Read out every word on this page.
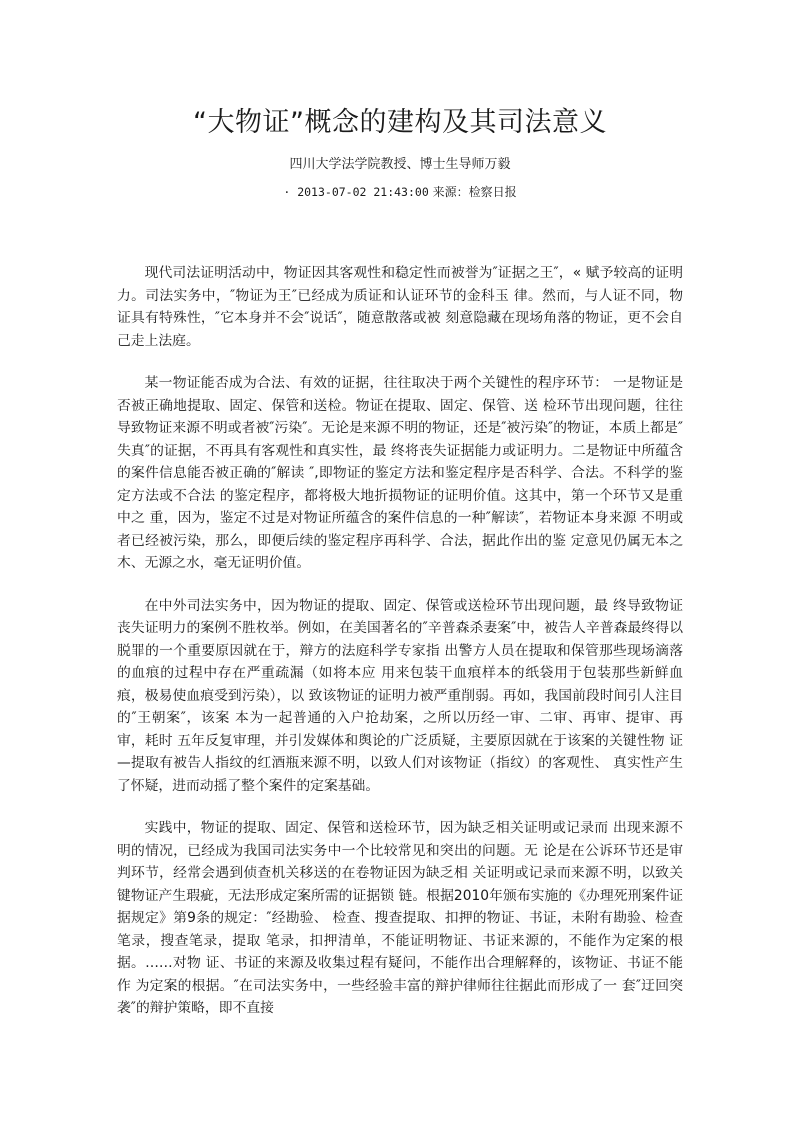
“大物证”概念的建构及其司法意义

四川大学法学院教授、博士生导师万毅

· 2013-07-02 21:43:00 来源：检察日报

现代司法证明活动中，物证因其客观性和稳定性而被誉为″证据之王″，« 赋予较高的证明力。司法实务中，″物证为王″已经成为质证和认证环节的金科玉 律。然而，与人证不同，物证具有特殊性，″它本身并不会″说话″，随意散落或被 刻意隐藏在现场角落的物证，更不会自己走上法庭。

某一物证能否成为合法、有效的证据，往往取决于两个关键性的程序环节： 一是物证是否被正确地提取、固定、保管和送检。物证在提取、固定、保管、送 检环节出现问题，往往导致物证来源不明或者被″污染″。无论是来源不明的物证，还是″被污染″的物证，本质上都是″失真″的证据，不再具有客观性和真实性，最 终将丧失证据能力或证明力。二是物证中所蕴含的案件信息能否被正确的″解读 ″,即物证的鉴定方法和鉴定程序是否科学、合法。不科学的鉴定方法或不合法 的鉴定程序，都将极大地折损物证的证明价值。这其中，第一个环节又是重中之 重，因为，鉴定不过是对物证所蕴含的案件信息的一种″解读″，若物证本身来源 不明或者已经被污染，那么，即便后续的鉴定程序再科学、合法，据此作出的鉴 定意见仍属无本之木、无源之水，毫无证明价值。

在中外司法实务中，因为物证的提取、固定、保管或送检环节出现问题，最 终导致物证丧失证明力的案例不胜枚举。例如，在美国著名的″辛普森杀妻案″中，被告人辛普森最终得以脱罪的一个重要原因就在于，辩方的法庭科学专家指 出警方人员在提取和保管那些现场滴落的血痕的过程中存在严重疏漏（如将本应 用来包装干血痕样本的纸袋用于包装那些新鲜血痕，极易使血痕受到污染），以 致该物证的证明力被严重削弱。再如，我国前段时间引人注目的″王朝案″，该案 本为一起普通的入户抢劫案，之所以历经一审、二审、再审、提审、再审，耗时 五年反复审理，并引发媒体和舆论的广泛质疑，主要原因就在于该案的关键性物 证—提取有被告人指纹的红酒瓶来源不明，以致人们对该物证（指纹）的客观性、 真实性产生了怀疑，进而动摇了整个案件的定案基础。

实践中，物证的提取、固定、保管和送检环节，因为缺乏相关证明或记录而 出现来源不明的情况，已经成为我国司法实务中一个比较常见和突出的问题。无 论是在公诉环节还是审判环节，经常会遇到侦查机关移送的在卷物证因为缺乏相 关证明或记录而来源不明，以致关键物证产生瑕疵，无法形成定案所需的证据锁 链。根据2010年颁布实施的《办理死刑案件证据规定》第9条的规定：″经勘验、 检查、搜查提取、扣押的物证、书证，未附有勘验、检查笔录，搜查笔录，提取 笔录，扣押清单，不能证明物证、书证来源的，不能作为定案的根据。……对物 证、书证的来源及收集过程有疑问，不能作出合理解释的，该物证、书证不能作 为定案的根据。″在司法实务中，一些经验丰富的辩护律师往往据此而形成了一 套″迂回突袭″的辩护策略，即不直接
